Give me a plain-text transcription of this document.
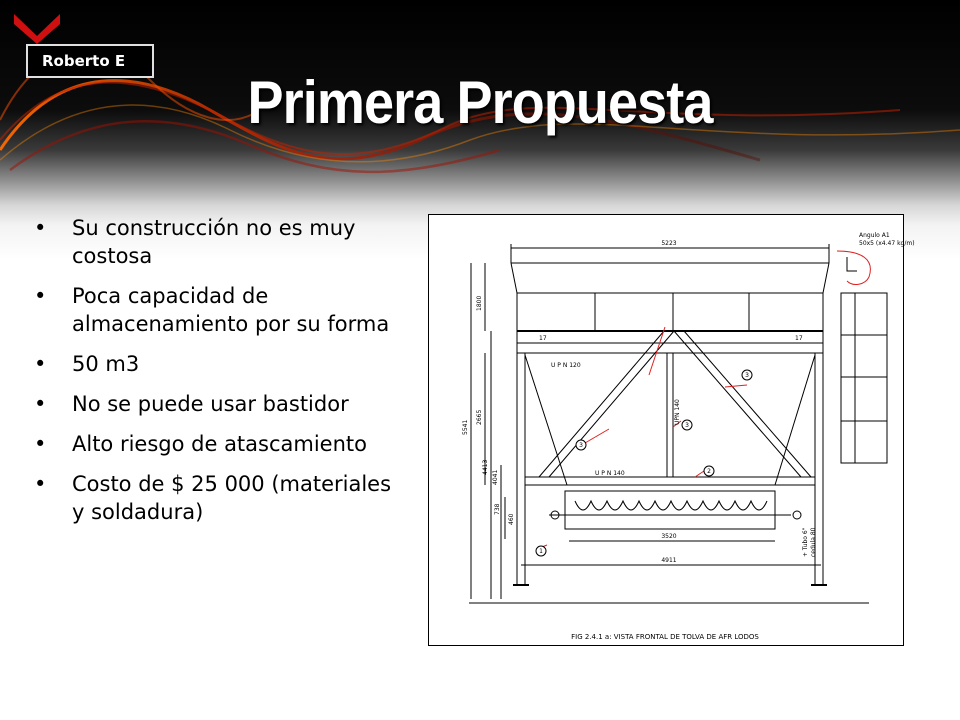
Roberto E
Primera Propuesta
• Su construcción no es muy costosa
• Poca capacidad de almacenamiento por su forma
• 50 m3
• No se puede usar bastidor
• Alto riesgo de atascamiento
• Costo de $ 25 000 (materiales y soldadura)
3
3
3
2
1
5223
3520
4911
17	17
U P N 120
U P N 140
Angulo A1
50x5 (x4.47 kg/m)
FIG 2.4.1 a: VISTA FRONTAL DE TOLVA DE AFR LODOS
1800
2665
5541
4413
4041
738
460
UPN 140
+ Tubo 6" cedula 80
